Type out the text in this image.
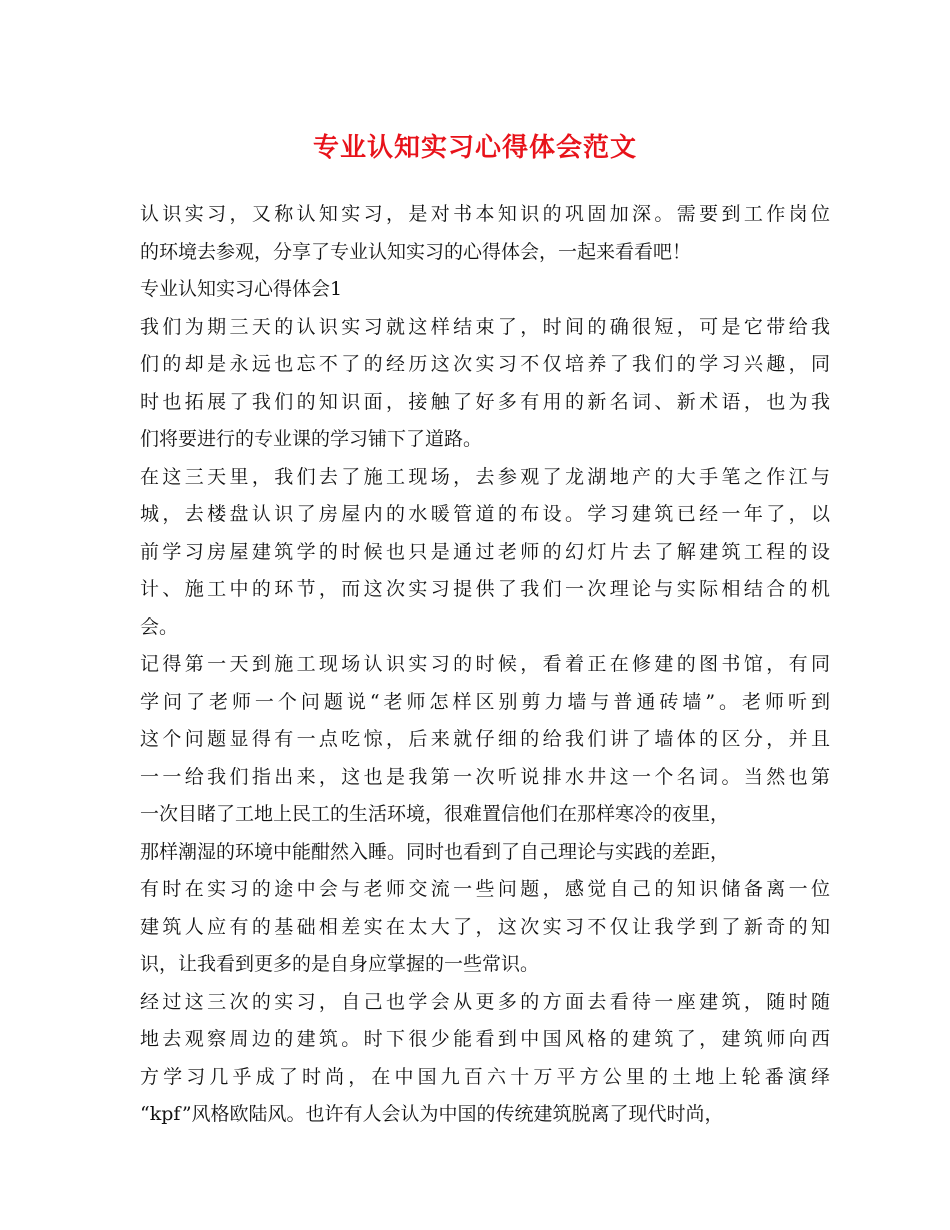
专业认知实习心得体会范文
认识实习，又称认知实习，是对书本知识的巩固加深。需要到工作岗位
的环境去参观，分享了专业认知实习的心得体会，一起来看看吧！
专业认知实习心得体会1
我们为期三天的认识实习就这样结束了，时间的确很短，可是它带给我
们的却是永远也忘不了的经历这次实习不仅培养了我们的学习兴趣，同
时也拓展了我们的知识面，接触了好多有用的新名词、新术语，也为我
们将要进行的专业课的学习铺下了道路。
在这三天里，我们去了施工现场，去参观了龙湖地产的大手笔之作江与
城，去楼盘认识了房屋内的水暖管道的布设。学习建筑已经一年了，以
前学习房屋建筑学的时候也只是通过老师的幻灯片去了解建筑工程的设
计、施工中的环节，而这次实习提供了我们一次理论与实际相结合的机
会。
记得第一天到施工现场认识实习的时候，看着正在修建的图书馆，有同
学问了老师一个问题说“老师怎样区别剪力墙与普通砖墙”。老师听到
这个问题显得有一点吃惊，后来就仔细的给我们讲了墙体的区分，并且
一一给我们指出来，这也是我第一次听说排水井这一个名词。当然也第
一次目睹了工地上民工的生活环境，很难置信他们在那样寒冷的夜里，
那样潮湿的环境中能酣然入睡。同时也看到了自己理论与实践的差距，
有时在实习的途中会与老师交流一些问题，感觉自己的知识储备离一位
建筑人应有的基础相差实在太大了，这次实习不仅让我学到了新奇的知
识，让我看到更多的是自身应掌握的一些常识。
经过这三次的实习，自己也学会从更多的方面去看待一座建筑，随时随
地去观察周边的建筑。时下很少能看到中国风格的建筑了，建筑师向西
方学习几乎成了时尚，在中国九百六十万平方公里的土地上轮番演绎
“kpf”风格欧陆风。也许有人会认为中国的传统建筑脱离了现代时尚，
